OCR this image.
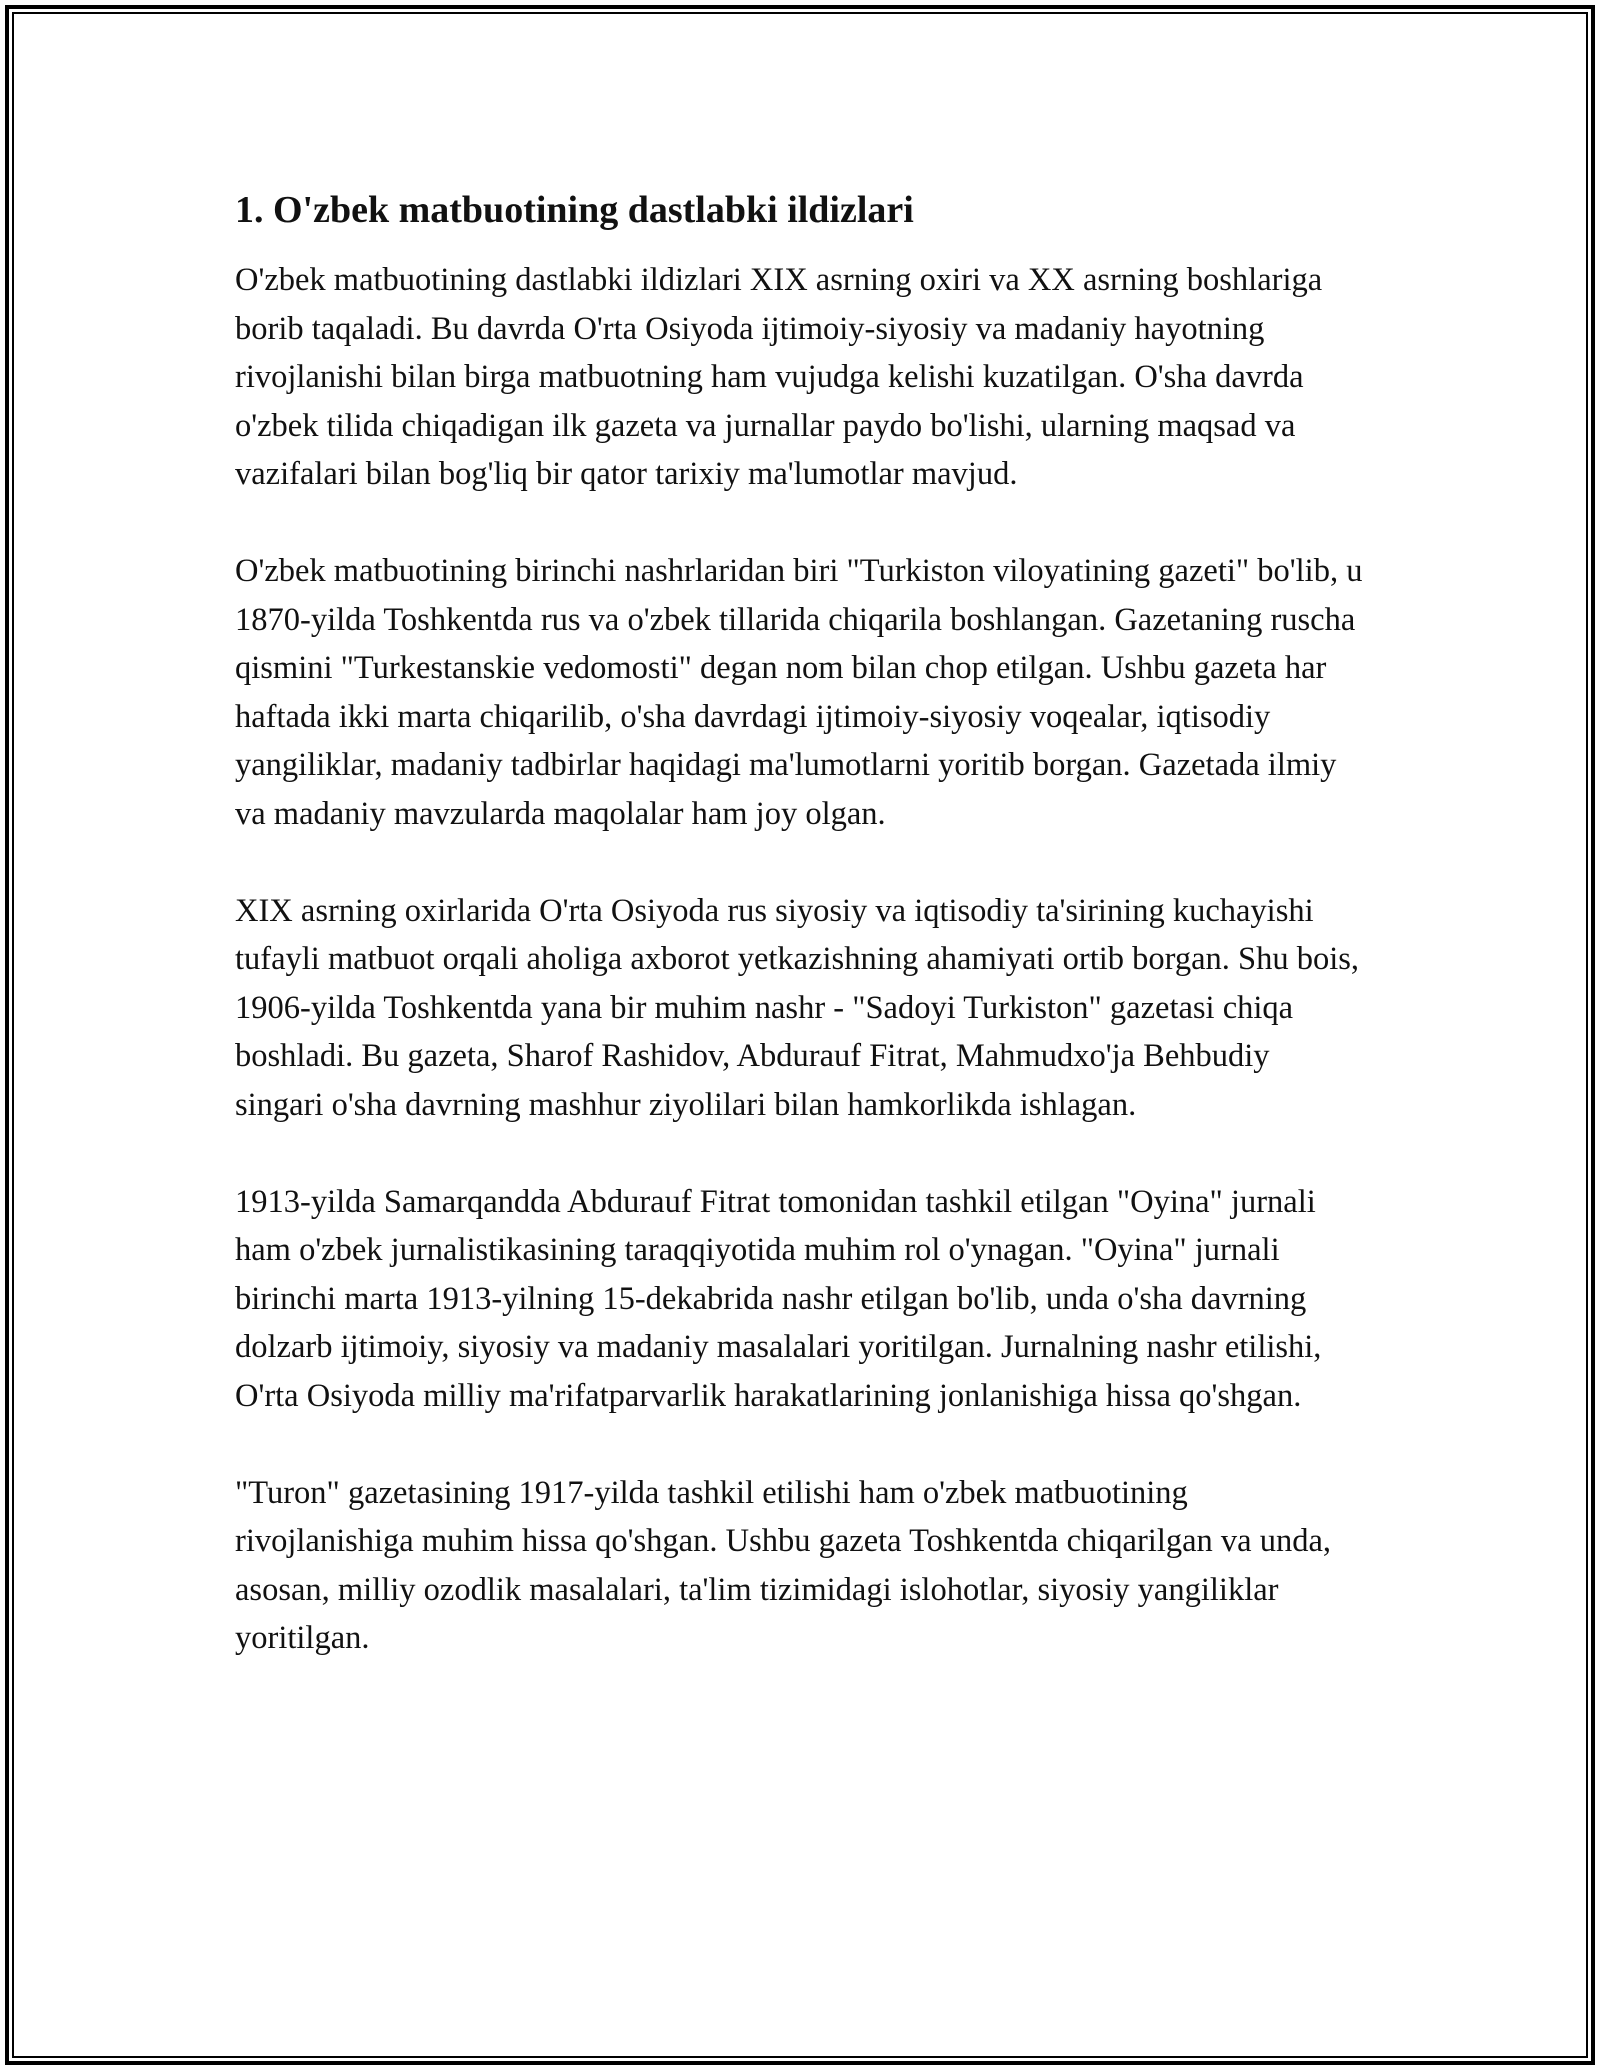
1. O'zbek matbuotining dastlabki ildizlari

O'zbek matbuotining dastlabki ildizlari XIX asrning oxiri va XX asrning boshlariga borib taqaladi. Bu davrda O'rta Osiyoda ijtimoiy-siyosiy va madaniy hayotning rivojlanishi bilan birga matbuotning ham vujudga kelishi kuzatilgan. O'sha davrda o'zbek tilida chiqadigan ilk gazeta va jurnallar paydo bo'lishi, ularning maqsad va vazifalari bilan bog'liq bir qator tarixiy ma'lumotlar mavjud.

O'zbek matbuotining birinchi nashrlaridan biri "Turkiston viloyatining gazeti" bo'lib, u 1870-yilda Toshkentda rus va o'zbek tillarida chiqarila boshlangan. Gazetaning ruscha qismini "Turkestanskie vedomosti" degan nom bilan chop etilgan. Ushbu gazeta har haftada ikki marta chiqarilib, o'sha davrdagi ijtimoiy-siyosiy voqealar, iqtisodiy yangiliklar, madaniy tadbirlar haqidagi ma'lumotlarni yoritib borgan. Gazetada ilmiy va madaniy mavzularda maqolalar ham joy olgan.

XIX asrning oxirlarida O'rta Osiyoda rus siyosiy va iqtisodiy ta'sirining kuchayishi tufayli matbuot orqali aholiga axborot yetkazishning ahamiyati ortib borgan. Shu bois, 1906-yilda Toshkentda yana bir muhim nashr - "Sadoyi Turkiston" gazetasi chiqa boshladi. Bu gazeta, Sharof Rashidov, Abdurauf Fitrat, Mahmudxo'ja Behbudiy singari o'sha davrning mashhur ziyolilari bilan hamkorlikda ishlagan.

1913-yilda Samarqandda Abdurauf Fitrat tomonidan tashkil etilgan "Oyina" jurnali ham o'zbek jurnalistikasining taraqqiyotida muhim rol o'ynagan. "Oyina" jurnali birinchi marta 1913-yilning 15-dekabrida nashr etilgan bo'lib, unda o'sha davrning dolzarb ijtimoiy, siyosiy va madaniy masalalari yoritilgan. Jurnalning nashr etilishi, O'rta Osiyoda milliy ma'rifatparvarlik harakatlarining jonlanishiga hissa qo'shgan.

"Turon" gazetasining 1917-yilda tashkil etilishi ham o'zbek matbuotining rivojlanishiga muhim hissa qo'shgan. Ushbu gazeta Toshkentda chiqarilgan va unda, asosan, milliy ozodlik masalalari, ta'lim tizimidagi islohotlar, siyosiy yangiliklar yoritilgan.
